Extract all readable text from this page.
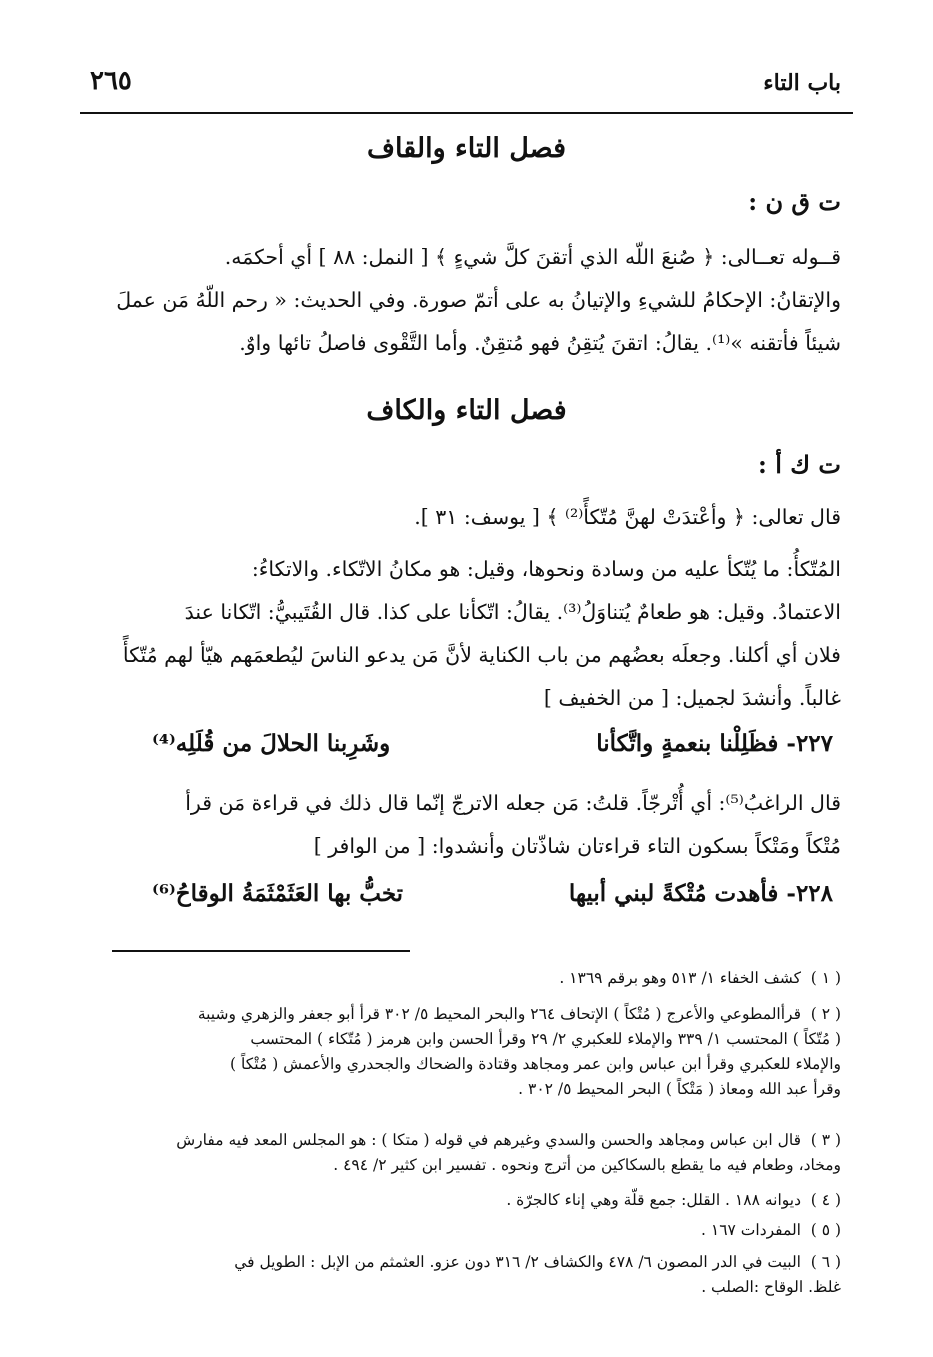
باب التاء
٢٦٥
فصل التاء والقاف
ت ق ن :
قــوله تعــالى: ﴿ صُنعَ اللّه الذي أتقنَ كلَّ شيءٍ ﴾ [ النمل: ٨٨ ] أي أحكمَه.
والإتقانُ: الإحكامُ للشيءِ والإتيانُ به على أتمّ صورة. وفي الحديث: « رحم اللّهُ مَن عملَ
شيئاً فأتقنه »⁽¹⁾. يقالُ: اتقنَ يُتقِنُ فهو مُتقِنٌ. وأما التَّقْوى فاصلُ تائها واوٌ.
فصل التاء والكاف
ت ك أ :
قال تعالى: ﴿ وأعْتدَتْ لهنَّ مُتّكأً⁽²⁾ ﴾ [ يوسف: ٣١ ].
المُتّكأُ: ما يُتّكأ عليه من وسادة ونحوها، وقيل: هو مكانُ الاتّكاء. والاتكاءُ:
الاعتمادُ. وقيل: هو طعامٌ يُتناوَلُ⁽³⁾. يقالُ: اتّكأنا على كذا. قال القُتَيبيُّ: اتّكانا عندَ
فلان أي أكلنا. وجعلَه بعضُهم من باب الكناية لأنَّ مَن يدعو الناسَ ليُطعمَهم هيّأ لهم مُتّكأً
غالباً. وأنشدَ لجميل: [ من الخفيف ]
٢٢٧- فظَلِلْنا بنعمةٍ واتَّكأنا
وشَرِبنا الحلالَ من قُلَلِه⁽⁴⁾
قال الراغبُ⁽⁵⁾: أي أُتْرجّاً. قلتُ: مَن جعله الاترجّ إنّما قال ذلك في قراءة مَن قرأ
مُتْكاً ومَتْكاً بسكون التاء قراءتان شاذّتان وأنشدوا: [ من الوافر ]
٢٢٨- فأهدت مُتْكةً لبني أبيها
تخبُّ بها العَثَمْثَمَةُ الوقاحُ⁽⁶⁾
( ١ )كشف الخفاء ١/ ٥١٣ وهو برقم ١٣٦٩ .
( ٢ )قرأالمطوعي والأعرج ( مُتْكاً ) الإتحاف ٢٦٤ والبحر المحيط ٥/ ٣٠٢ قرأ أبو جعفر والزهري وشيبة
( مُتّكاً ) المحتسب ١/ ٣٣٩ والإملاء للعكبري ٢/ ٢٩ وقرأ الحسن وابن هرمز ( مُتّكاء ) المحتسب
والإملاء للعكبري وقرأ ابن عباس وابن عمر ومجاهد وقتادة والضحاك والجحدري والأعمش ( مُتْكاً )
وقرأ عبد الله ومعاذ ( مَتْكاً ) البحر المحيط ٥/ ٣٠٢ .
( ٣ )قال ابن عباس ومجاهد والحسن والسدي وغيرهم في قوله ( متكا ) : هو المجلس المعد فيه مفارش
ومخاد، وطعام فيه ما يقطع بالسكاكين من أترج ونحوه . تفسير ابن كثير ٢/ ٤٩٤ .
( ٤ )ديوانه ١٨٨ . القلل: جمع قلّة وهي إناء كالجرّة .
( ٥ )المفردات ١٦٧ .
( ٦ )البيت في الدر المصون ٦/ ٤٧٨ والكشاف ٢/ ٣١٦ دون عزو. العثمثم من الإبل : الطويل في
غلظ. الوقاح :الصلب .
